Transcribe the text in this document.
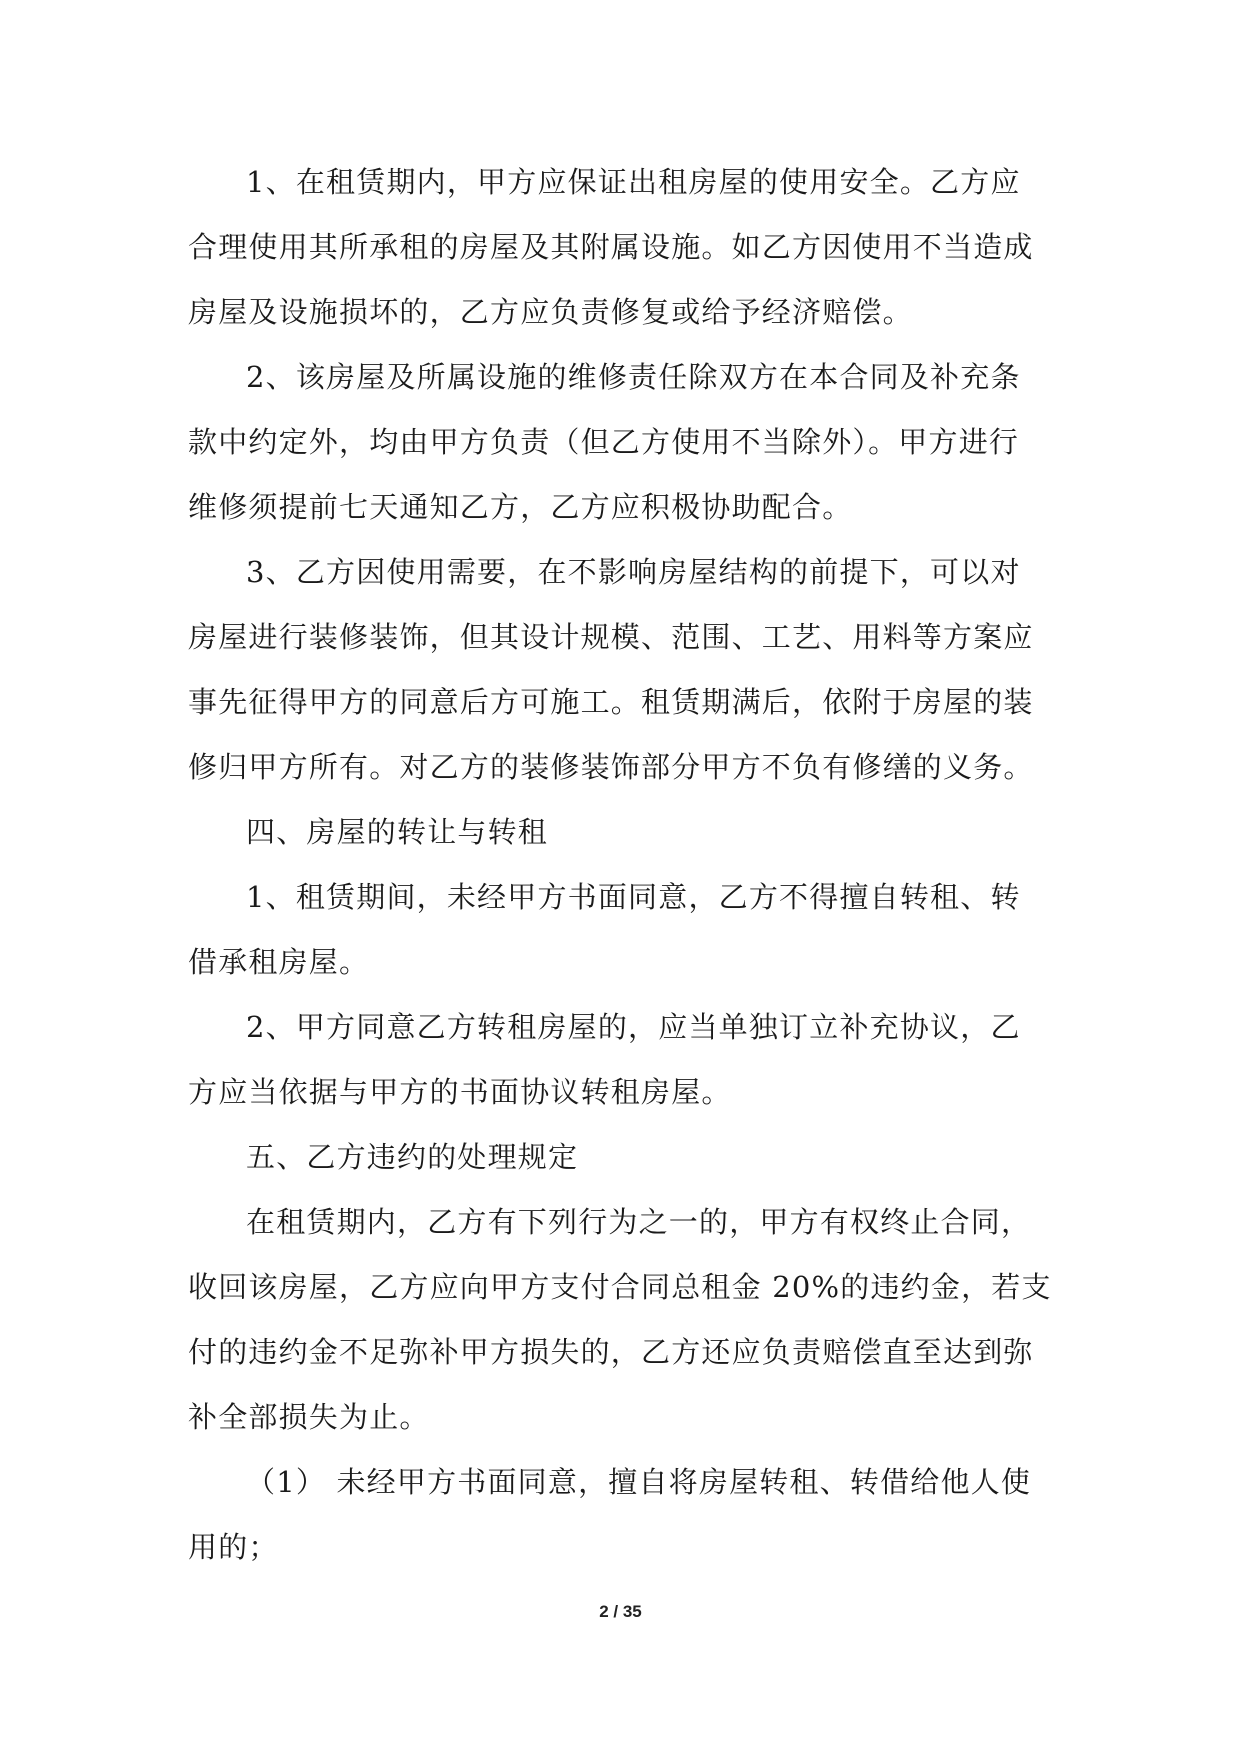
1、在租赁期内，甲方应保证出租房屋的使用安全。乙方应
合理使用其所承租的房屋及其附属设施。如乙方因使用不当造成
房屋及设施损坏的，乙方应负责修复或给予经济赔偿。

2、该房屋及所属设施的维修责任除双方在本合同及补充条
款中约定外，均由甲方负责（但乙方使用不当除外）。甲方进行
维修须提前七天通知乙方，乙方应积极协助配合。

3、乙方因使用需要，在不影响房屋结构的前提下，可以对
房屋进行装修装饰，但其设计规模、范围、工艺、用料等方案应
事先征得甲方的同意后方可施工。租赁期满后，依附于房屋的装
修归甲方所有。对乙方的装修装饰部分甲方不负有修缮的义务。

四、房屋的转让与转租

1、租赁期间，未经甲方书面同意，乙方不得擅自转租、转
借承租房屋。

2、甲方同意乙方转租房屋的，应当单独订立补充协议，乙
方应当依据与甲方的书面协议转租房屋。

五、乙方违约的处理规定

在租赁期内，乙方有下列行为之一的，甲方有权终止合同，
收回该房屋，乙方应向甲方支付合同总租金 20%的违约金，若支
付的违约金不足弥补甲方损失的，乙方还应负责赔偿直至达到弥
补全部损失为止。

（1） 未经甲方书面同意，擅自将房屋转租、转借给他人使
用的；

2 / 35
